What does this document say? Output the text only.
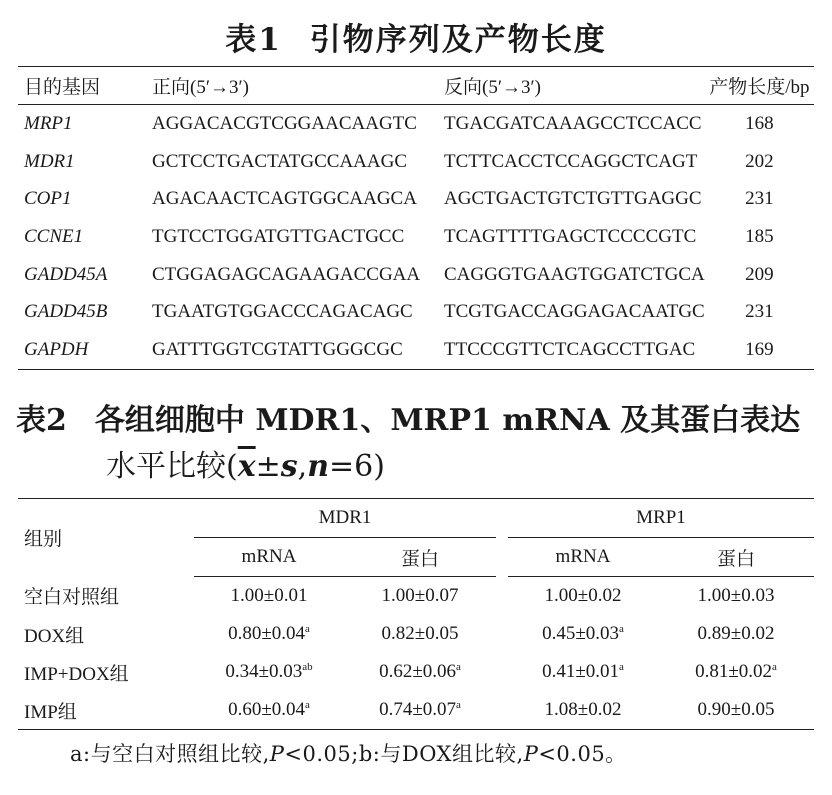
表1 引物序列及产物长度
目的基因	正向(5′→3′)	反向(5′→3′)	产物长度/bp
MRP1	AGGACACGTCGGAACAAGTC	TGACGATCAAAGCCTCCACC	168
MDR1	GCTCCTGACTATGCCAAAGC	TCTTCACCTCCAGGCTCAGT	202
COP1	AGACAACTCAGTGGCAAGCA	AGCTGACTGTCTGTTGAGGC	231
CCNE1	TGTCCTGGATGTTGACTGCC	TCAGTTTTGAGCTCCCCGTC	185
GADD45A	CTGGAGAGCAGAAGACCGAA	CAGGGTGAAGTGGATCTGCA	209
GADD45B	TGAATGTGGACCCAGACAGC	TCGTGACCAGGAGACAATGC	231
GAPDH	GATTTGGTCGTATTGGGCGC	TTCCCGTTCTCAGCCTTGAC	169
表2 各组细胞中 MDR1、MRP1 mRNA 及其蛋白表达
水平比较$(\overline{x}\pm s,n=6)$
组别	MDR1			MRP1	
	mRNA	蛋白		mRNA	蛋白
空白对照组	1.00±0.01	1.00±0.07		1.00±0.02	1.00±0.03
DOX组	0.80±0.04$^a$	0.82±0.05		0.45±0.03$^a$	0.89±0.02
IMP+DOX组	0.34±0.03$^{ab}$	0.62±0.06$^a$		0.41±0.01$^a$	0.81±0.02$^a$
IMP组	0.60±0.04$^a$	0.74±0.07$^a$		1.08±0.02	0.90±0.05
a:与空白对照组比较,P<0.05;b:与DOX组比较,P<0.05。
